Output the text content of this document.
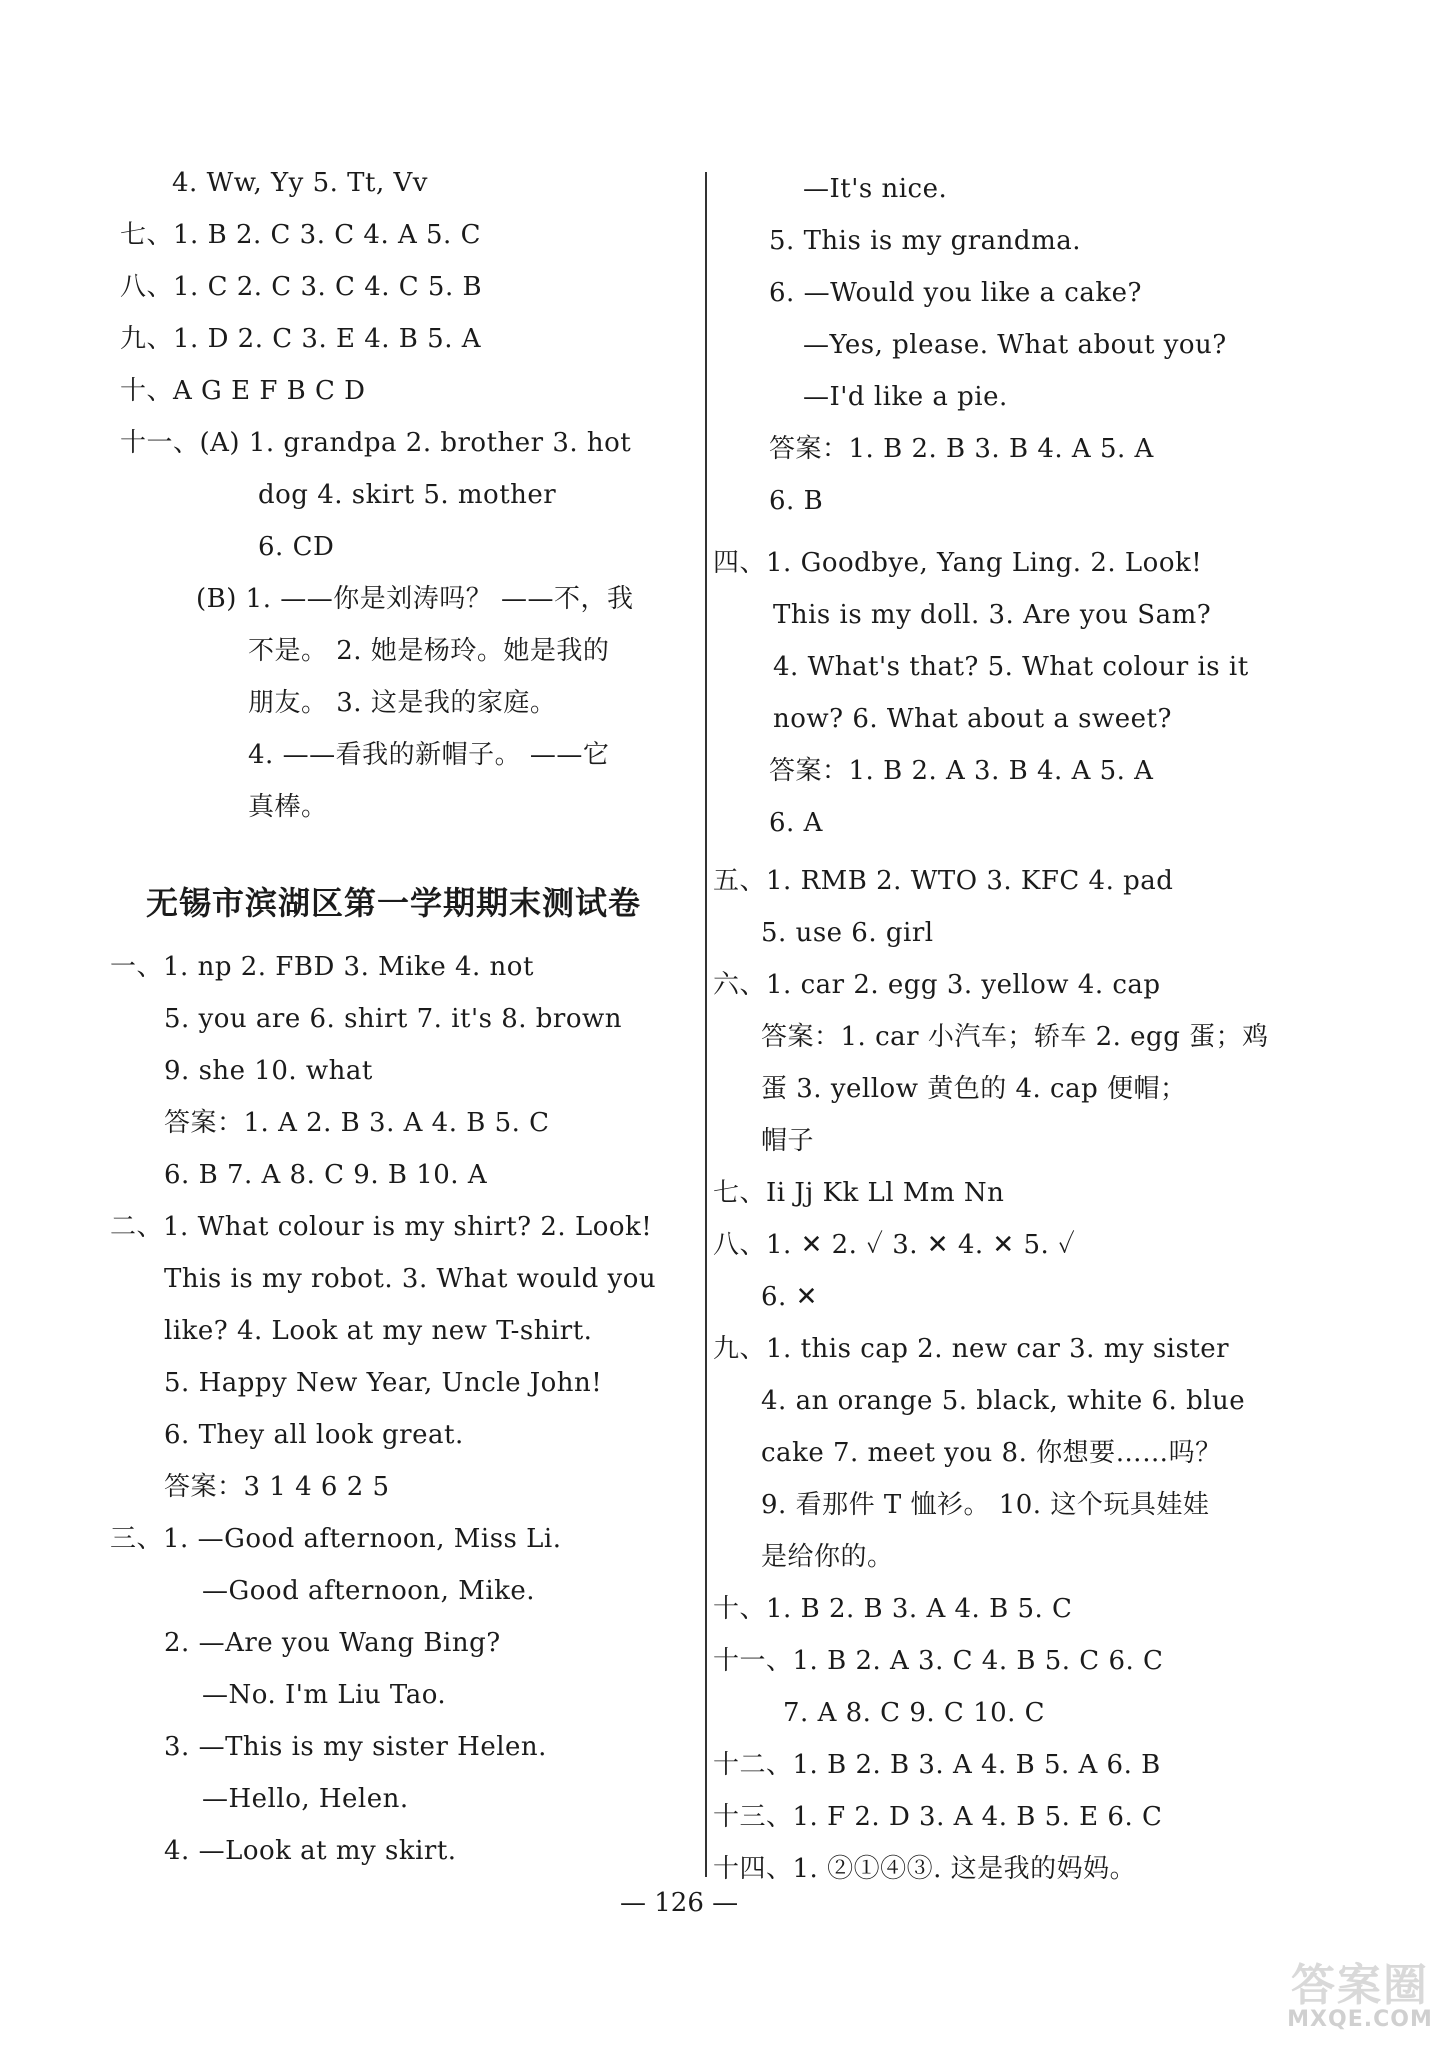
4. Ww, Yy 5. Tt, Vv
七、1. B 2. C 3. C 4. A 5. C
八、1. C 2. C 3. C 4. C 5. B
九、1. D 2. C 3. E 4. B 5. A
十、A G E F B C D
十一、(A) 1. grandpa 2. brother 3. hot
dog 4. skirt 5. mother
6. CD
(B) 1. ——你是刘涛吗？ ——不，我
不是。 2. 她是杨玲。她是我的
朋友。 3. 这是我的家庭。
4. ——看我的新帽子。 ——它
真棒。
一、1. np 2. FBD 3. Mike 4. not
5. you are 6. shirt 7. it's 8. brown
9. she 10. what
答案：1. A 2. B 3. A 4. B 5. C
6. B 7. A 8. C 9. B 10. A
二、1. What colour is my shirt? 2. Look!
This is my robot. 3. What would you
like? 4. Look at my new T-shirt.
5. Happy New Year, Uncle John!
6. They all look great.
答案：3 1 4 6 2 5
三、1. —Good afternoon, Miss Li.
—Good afternoon, Mike.
2. —Are you Wang Bing?
—No. I'm Liu Tao.
3. —This is my sister Helen.
—Hello, Helen.
4. —Look at my skirt.
无锡市滨湖区第一学期期末测试卷
—It's nice.
5. This is my grandma.
6. —Would you like a cake?
—Yes, please. What about you?
—I'd like a pie.
答案：1. B 2. B 3. B 4. A 5. A
6. B
四、1. Goodbye, Yang Ling. 2. Look!
This is my doll. 3. Are you Sam?
4. What's that? 5. What colour is it
now? 6. What about a sweet?
答案：1. B 2. A 3. B 4. A 5. A
6. A
五、1. RMB 2. WTO 3. KFC 4. pad
5. use 6. girl
六、1. car 2. egg 3. yellow 4. cap
答案：1. car 小汽车；轿车 2. egg 蛋；鸡
蛋 3. yellow 黄色的 4. cap 便帽；
帽子
七、Ii Jj Kk Ll Mm Nn
八、1. ✕ 2. ✓ 3. ✕ 4. ✕ 5. ✓
6. ✕
九、1. this cap 2. new car 3. my sister
4. an orange 5. black, white 6. blue
cake 7. meet you 8. 你想要……吗？
9. 看那件 T 恤衫。 10. 这个玩具娃娃
是给你的。
十、1. B 2. B 3. A 4. B 5. C
十一、1. B 2. A 3. C 4. B 5. C 6. C
7. A 8. C 9. C 10. C
十二、1. B 2. B 3. A 4. B 5. A 6. B
十三、1. F 2. D 3. A 4. B 5. E 6. C
十四、1. ②①④③. 这是我的妈妈。
— 126 —
答案圈
MXQE.COM
